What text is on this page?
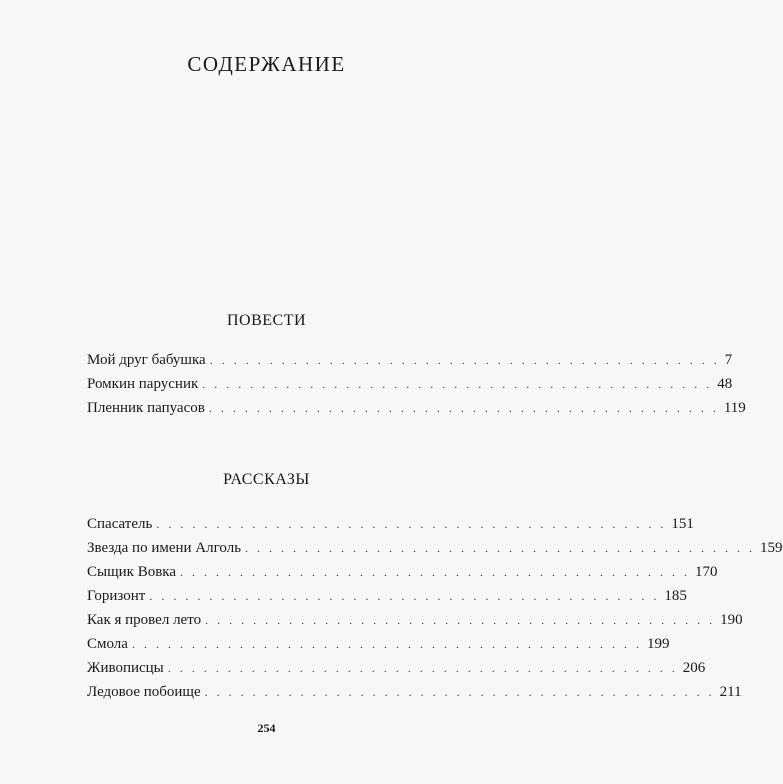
СОДЕРЖАНИЕ
ПОВЕСТИ
Мой друг бабушка . . . . . . . . . . . . . . . . . . . . . . . . . . . . . . . . . . . . . . . . . . . 7
Ромкин парусник . . . . . . . . . . . . . . . . . . . . . . . . . . . . . . . . . . . . . . . . . . . 48
Пленник папуасов . . . . . . . . . . . . . . . . . . . . . . . . . . . . . . . . . . . . . . . . . . . 119
РАССКАЗЫ
Спасатель . . . . . . . . . . . . . . . . . . . . . . . . . . . . . . . . . . . . . . . . . . . 151
Звезда по имени Алголь . . . . . . . . . . . . . . . . . . . . . . . . . . . . . . . . . . . . . . . . . . . 159
Сыщик Вовка . . . . . . . . . . . . . . . . . . . . . . . . . . . . . . . . . . . . . . . . . . . 170
Горизонт . . . . . . . . . . . . . . . . . . . . . . . . . . . . . . . . . . . . . . . . . . . 185
Как я провел лето . . . . . . . . . . . . . . . . . . . . . . . . . . . . . . . . . . . . . . . . . . . 190
Смола . . . . . . . . . . . . . . . . . . . . . . . . . . . . . . . . . . . . . . . . . . . 199
Живописцы . . . . . . . . . . . . . . . . . . . . . . . . . . . . . . . . . . . . . . . . . . . 206
Ледовое побоище . . . . . . . . . . . . . . . . . . . . . . . . . . . . . . . . . . . . . . . . . . . 211
254
